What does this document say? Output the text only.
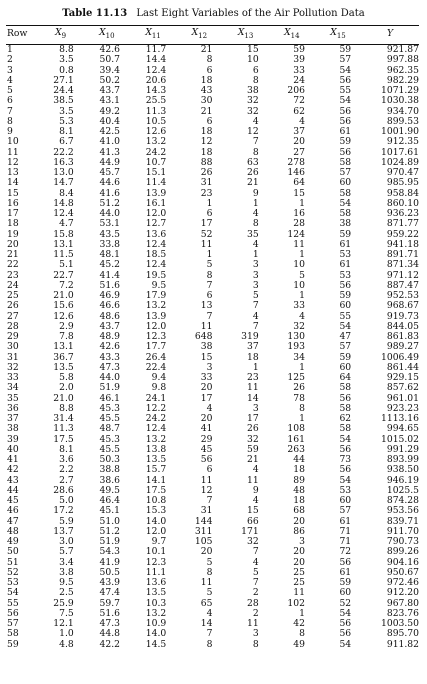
Table 11.13 Last Eight Variables of the Air Pollution Data
Row	$X_9$	$X_{10}$	$X_{11}$	$X_{12}$	$X_{13}$	$X_{14}$	$X_{15}$	Y
1	8.8	42.6	11.7	21	15	59	59	921.87
2	3.5	50.7	14.4	8	10	39	57	997.88
3	0.8	39.4	12.4	6	6	33	54	962.35
4	27.1	50.2	20.6	18	8	24	56	982.29
5	24.4	43.7	14.3	43	38	206	55	1071.29
6	38.5	43.1	25.5	30	32	72	54	1030.38
7	3.5	49.2	11.3	21	32	62	56	934.70
8	5.3	40.4	10.5	6	4	4	56	899.53
9	8.1	42.5	12.6	18	12	37	61	1001.90
10	6.7	41.0	13.2	12	7	20	59	912.35
11	22.2	41.3	24.2	18	8	27	56	1017.61
12	16.3	44.9	10.7	88	63	278	58	1024.89
13	13.0	45.7	15.1	26	26	146	57	970.47
14	14.7	44.6	11.4	31	21	64	60	985.95
15	8.4	41.6	13.9	23	9	15	58	958.84
16	14.8	51.2	16.1	1	1	1	54	860.10
17	12.4	44.0	12.0	6	4	16	58	936.23
18	4.7	53.1	12.7	17	8	28	38	871.77
19	15.8	43.5	13.6	52	35	124	59	959.22
20	13.1	33.8	12.4	11	4	11	61	941.18
21	11.5	48.1	18.5	1	1	1	53	891.71
22	5.1	45.2	12.4	5	3	10	61	871.34
23	22.7	41.4	19.5	8	3	5	53	971.12
24	7.2	51.6	9.5	7	3	10	56	887.47
25	21.0	46.9	17.9	6	5	1	59	952.53
26	15.6	46.6	13.2	13	7	33	60	968.67
27	12.6	48.6	13.9	7	4	4	55	919.73
28	2.9	43.7	12.0	11	7	32	54	844.05
29	7.8	48.9	12.3	648	319	130	47	861.83
30	13.1	42.6	17.7	38	37	193	57	989.27
31	36.7	43.3	26.4	15	18	34	59	1006.49
32	13.5	47.3	22.4	3	1	1	60	861.44
33	5.8	44.0	9.4	33	23	125	64	929.15
34	2.0	51.9	9.8	20	11	26	58	857.62
35	21.0	46.1	24.1	17	14	78	56	961.01
36	8.8	45.3	12.2	4	3	8	58	923.23
37	31.4	45.5	24.2	20	17	1	62	1113.16
38	11.3	48.7	12.4	41	26	108	58	994.65
39	17.5	45.3	13.2	29	32	161	54	1015.02
40	8.1	45.5	13.8	45	59	263	56	991.29
41	3.6	50.3	13.5	56	21	44	73	893.99
42	2.2	38.8	15.7	6	4	18	56	938.50
43	2.7	38.6	14.1	11	11	89	54	946.19
44	28.6	49.5	17.5	12	9	48	53	1025.5
45	5.0	46.4	10.8	7	4	18	60	874.28
46	17.2	45.1	15.3	31	15	68	57	953.56
47	5.9	51.0	14.0	144	66	20	61	839.71
48	13.7	51.2	12.0	311	171	86	71	911.70
49	3.0	51.9	9.7	105	32	3	71	790.73
50	5.7	54.3	10.1	20	7	20	72	899.26
51	3.4	41.9	12.3	5	4	20	56	904.16
52	3.8	50.5	11.1	8	5	25	61	950.67
53	9.5	43.9	13.6	11	7	25	59	972.46
54	2.5	47.4	13.5	5	2	11	60	912.20
55	25.9	59.7	10.3	65	28	102	52	967.80
56	7.5	51.6	13.2	4	2	1	54	823.76
57	12.1	47.3	10.9	14	11	42	56	1003.50
58	1.0	44.8	14.0	7	3	8	56	895.70
59	4.8	42.2	14.5	8	8	49	54	911.82
